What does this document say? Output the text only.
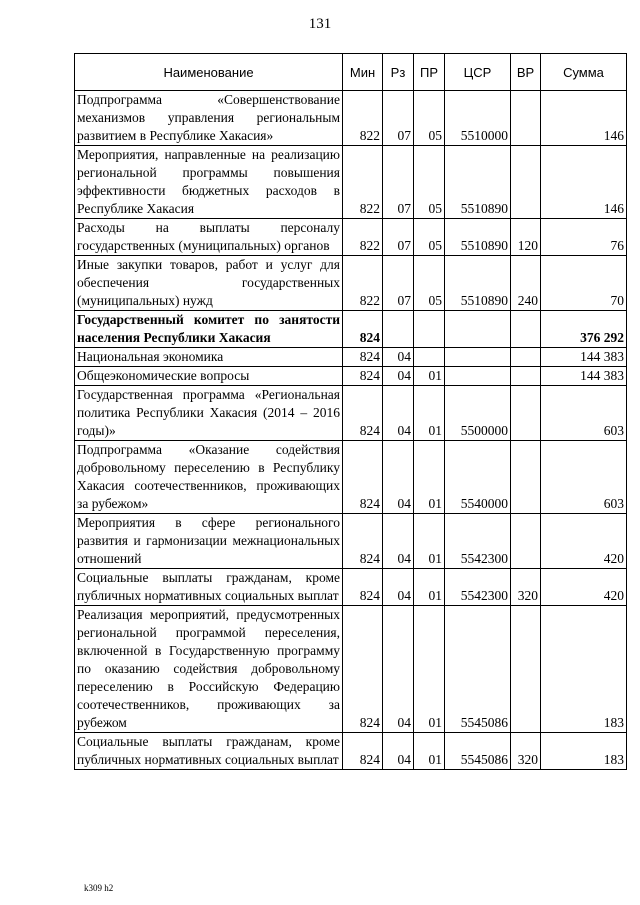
131
Наименование	Мин	Рз	ПР	ЦСР	ВР	Сумма
Подпрограмма «Совершенствование механизмов управления региональным развитием в Республике Хакасия»	822	07	05	5510000		146
Мероприятия, направленные на реализацию региональной программы повышения эффективности бюджетных расходов в Республике Хакасия	822	07	05	5510890		146
Расходы на выплаты персоналу государственных (муниципальных) органов	822	07	05	5510890	120	76
Иные закупки товаров, работ и услуг для обеспечения государственных (муниципальных) нужд	822	07	05	5510890	240	70
Государственный комитет по занятости населения Республики Хакасия	824					376 292
Национальная экономика	824	04				144 383
Общеэкономические вопросы	824	04	01			144 383
Государственная программа «Региональная политика Республики Хакасия (2014 – 2016 годы)»	824	04	01	5500000		603
Подпрограмма «Оказание содействия добровольному переселению в Республику Хакасия соотечественников, проживающих за рубежом»	824	04	01	5540000		603
Мероприятия в сфере регионального развития и гармонизации межнациональных отношений	824	04	01	5542300		420
Социальные выплаты гражданам, кроме публичных нормативных социальных выплат	824	04	01	5542300	320	420
Реализация мероприятий, предусмотренных региональной программой переселения, включенной в Государственную программу по оказанию содействия добровольному переселению в Российскую Федерацию соотечественников, проживающих за рубежом	824	04	01	5545086		183
Социальные выплаты гражданам, кроме публичных нормативных социальных выплат	824	04	01	5545086	320	183
k309 h2
